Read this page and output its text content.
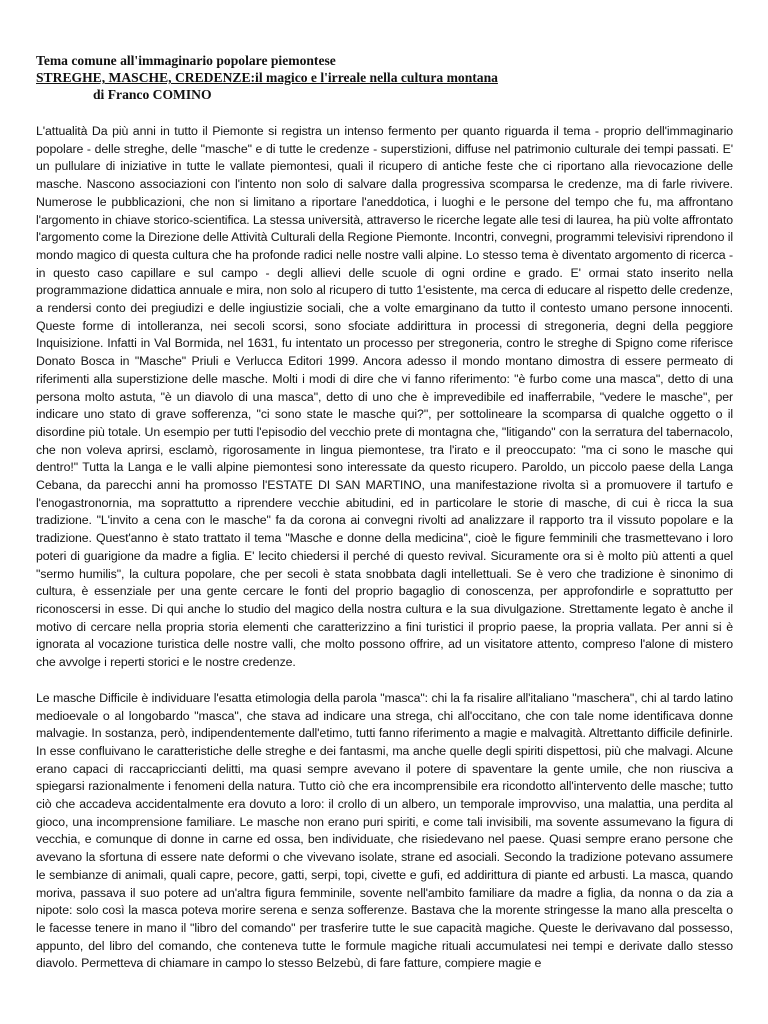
Tema comune all'immaginario popolare piemontese
STREGHE, MASCHE, CREDENZE:il magico e l'irreale nella cultura montana
di Franco COMINO

L'attualità Da più anni in tutto il Piemonte si registra un intenso fermento per quanto riguarda il tema - proprio dell'immaginario popolare - delle streghe, delle "masche" e di tutte le credenze - superstizioni, diffuse nel patrimonio culturale dei tempi passati. E' un pullulare di iniziative in tutte le vallate piemontesi, quali il ricupero di antiche feste che ci riportano alla rievocazione delle masche. Nascono associazioni con l'intento non solo di salvare dalla progressiva scomparsa le credenze, ma di farle rivivere. Numerose le pubblicazioni, che non si limitano a riportare l'aneddotica, i luoghi e le persone del tempo che fu, ma affrontano l'argomento in chiave storico-scientifica. La stessa università, attraverso le ricerche legate alle tesi di laurea, ha più volte affrontato l'argomento come la Direzione delle Attività Culturali della Regione Piemonte. Incontri, convegni, programmi televisivi riprendono il mondo magico di questa cultura che ha profonde radici nelle nostre valli alpine. Lo stesso tema è diventato argomento di ricerca - in questo caso capillare e sul campo - degli allievi delle scuole di ogni ordine e grado. E' ormai stato inserito nella programmazione didattica annuale e mira, non solo al ricupero di tutto 1'esistente, ma cerca di educare al rispetto delle credenze, a rendersi conto dei pregiudizi e delle ingiustizie sociali, che a volte emarginano da tutto il contesto umano persone innocenti. Queste forme di intolleranza, nei secoli scorsi, sono sfociate addirittura in processi di stregoneria, degni della peggiore Inquisizione. Infatti in Val Bormida, nel 1631, fu intentato un processo per stregoneria, contro le streghe di Spigno come riferisce Donato Bosca in "Masche" Priuli e Verlucca Editori 1999. Ancora adesso il mondo montano dimostra di essere permeato di riferimenti alla superstizione delle masche. Molti i modi di dire che vi fanno riferimento: "è furbo come una masca", detto di una persona molto astuta, "è un diavolo di una masca", detto di uno che è imprevedibile ed inafferrabile, "vedere le masche", per indicare uno stato di grave sofferenza, "ci sono state le masche qui?", per sottolineare la scomparsa di qualche oggetto o il disordine più totale. Un esempio per tutti l'episodio del vecchio prete di montagna che, "litigando" con la serratura del tabernacolo, che non voleva aprirsi, esclamò, rigorosamente in lingua piemontese, tra l'irato e il preoccupato: "ma ci sono le masche qui dentro!" Tutta la Langa e le valli alpine piemontesi sono interessate da questo ricupero. Paroldo, un piccolo paese della Langa Cebana, da parecchi anni ha promosso l'ESTATE DI SAN MARTINO, una manifestazione rivolta sì a promuovere il tartufo e l'enogastronornia, ma soprattutto a riprendere vecchie abitudini, ed in particolare le storie di masche, di cui è ricca la sua tradizione. "L'invito a cena con le masche" fa da corona ai convegni rivolti ad analizzare il rapporto tra il vissuto popolare e la tradizione. Quest'anno è stato trattato il tema "Masche e donne della medicina", cioè le figure femminili che trasmettevano i loro poteri di guarigione da madre a figlia. E' lecito chiedersi il perché di questo revival. Sicuramente ora si è molto più attenti a quel "sermo humilis", la cultura popolare, che per secoli è stata snobbata dagli intellettuali. Se è vero che tradizione è sinonimo di cultura, è essenziale per una gente cercare le fonti del proprio bagaglio di conoscenza, per approfondirle e soprattutto per riconoscersi in esse. Di qui anche lo studio del magico della nostra cultura e la sua divulgazione. Strettamente legato è anche il motivo di cercare nella propria storia elementi che caratterizzino a fini turistici il proprio paese, la propria vallata. Per anni si è ignorata al vocazione turistica delle nostre valli, che molto possono offrire, ad un visitatore attento, compreso l'alone di mistero che avvolge i reperti storici e le nostre credenze.

Le masche Difficile è individuare l'esatta etimologia della parola "masca": chi la fa risalire all'italiano "maschera", chi al tardo latino medioevale o al longobardo "masca", che stava ad indicare una strega, chi all'occitano, che con tale nome identificava donne malvagie. In sostanza, però, indipendentemente dall'etimo, tutti fanno riferimento a magie e malvagità. Altrettanto difficile definirle. In esse confluivano le caratteristiche delle streghe e dei fantasmi, ma anche quelle degli spiriti dispettosi, più che malvagi. Alcune erano capaci di raccapriccianti delitti, ma quasi sempre avevano il potere di spaventare la gente umile, che non riusciva a spiegarsi razionalmente i fenomeni della natura. Tutto ciò che era incomprensibile era ricondotto all'intervento delle masche; tutto ciò che accadeva accidentalmente era dovuto a loro: il crollo di un albero, un temporale improvviso, una malattia, una perdita al gioco, una incomprensione familiare. Le masche non erano puri spiriti, e come tali invisibili, ma sovente assumevano la figura di vecchia, e comunque di donne in carne ed ossa, ben individuate, che risiedevano nel paese. Quasi sempre erano persone che avevano la sfortuna di essere nate deformi o che vivevano isolate, strane ed asociali. Secondo la tradizione potevano assumere le sembianze di animali, quali capre, pecore, gatti, serpi, topi, civette e gufi, ed addirittura di piante ed arbusti. La masca, quando moriva, passava il suo potere ad un'altra figura femminile, sovente nell'ambito familiare da madre a figlia, da nonna o da zia a nipote: solo così la masca poteva morire serena e senza sofferenze. Bastava che la morente stringesse la mano alla prescelta o le facesse tenere in mano il "libro del comando" per trasferire tutte le sue capacità magiche. Queste le derivavano dal possesso, appunto, del libro del comando, che conteneva tutte le formule magiche rituali accumulatesi nei tempi e derivate dallo stesso diavolo. Permetteva di chiamare in campo lo stesso Belzebù, di fare fatture, compiere magie e
